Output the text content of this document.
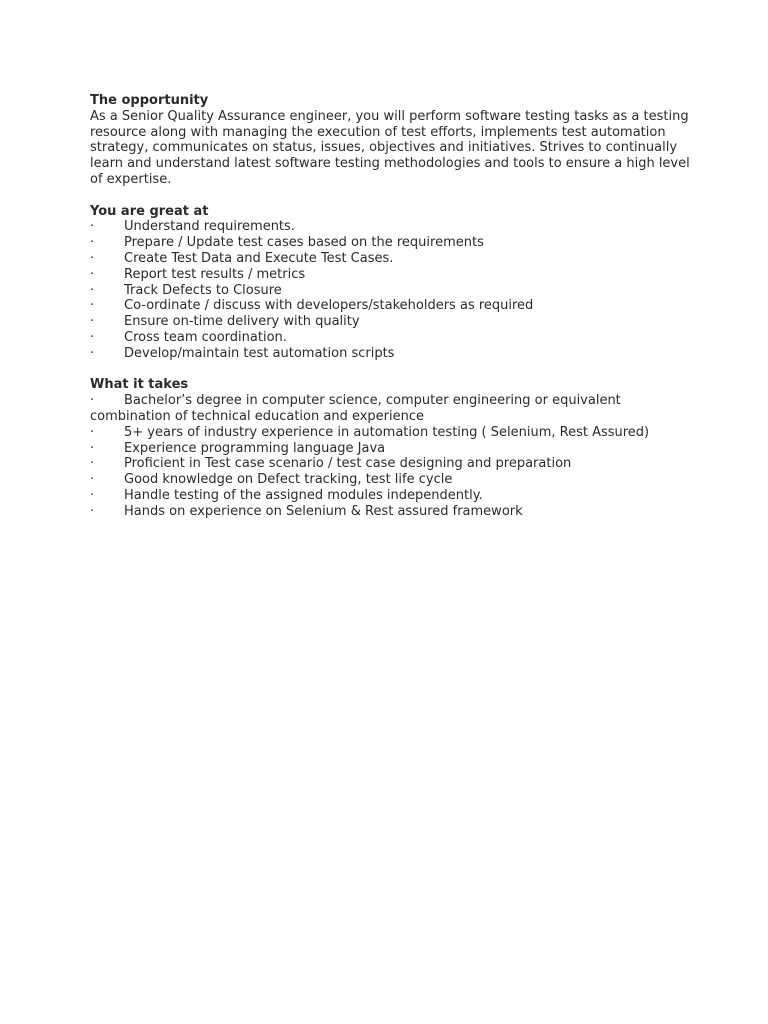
The opportunity

As a Senior Quality Assurance engineer, you will perform software testing tasks as a testing resource along with managing the execution of test efforts, implements test automation strategy, communicates on status, issues, objectives and initiatives. Strives to continually learn and understand latest software testing methodologies and tools to ensure a high level of expertise.

You are great at

· Understand requirements.
· Prepare / Update test cases based on the requirements
· Create Test Data and Execute Test Cases.
· Report test results / metrics
· Track Defects to Closure
· Co-ordinate / discuss with developers/stakeholders as required
· Ensure on-time delivery with quality
· Cross team coordination.
· Develop/maintain test automation scripts

What it takes

· Bachelor’s degree in computer science, computer engineering or equivalent combination of technical education and experience
· 5+ years of industry experience in automation testing ( Selenium, Rest Assured)
· Experience programming language Java
· Proficient in Test case scenario / test case designing and preparation
· Good knowledge on Defect tracking, test life cycle
· Handle testing of the assigned modules independently.
· Hands on experience on Selenium & Rest assured framework
